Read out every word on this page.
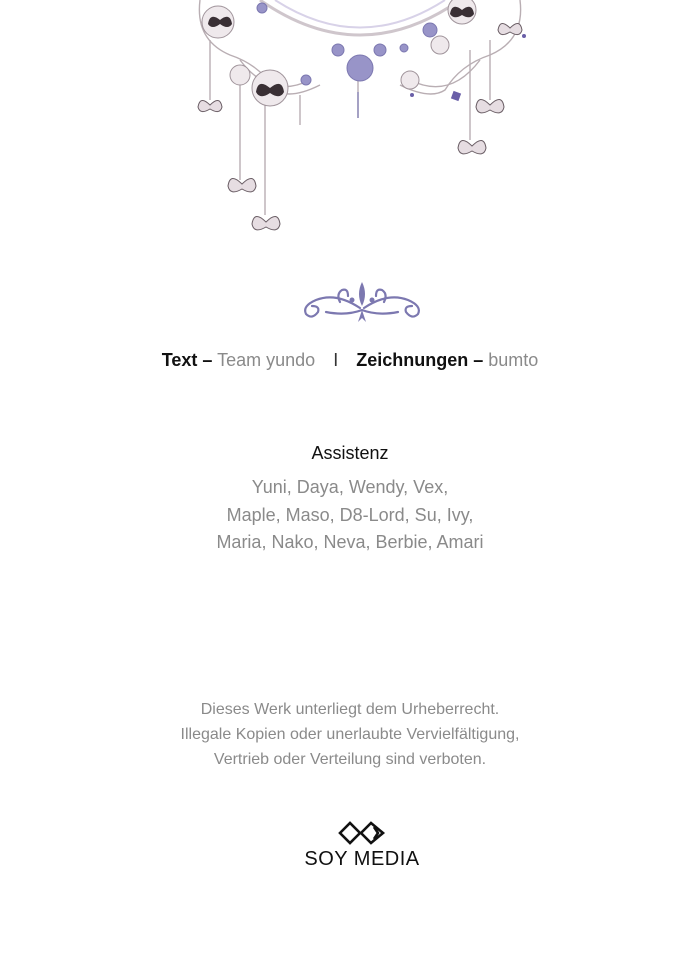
Text – Team yundo I Zeichnungen – bumto
Assistenz
Yuni, Daya, Wendy, Vex,
Maple, Maso, D8-Lord, Su, Ivy,
Maria, Nako, Neva, Berbie, Amari
Dieses Werk unterliegt dem Urheberrecht.
Illegale Kopien oder unerlaubte Vervielfältigung,
Vertrieb oder Verteilung sind verboten.
SOY MEDIA
